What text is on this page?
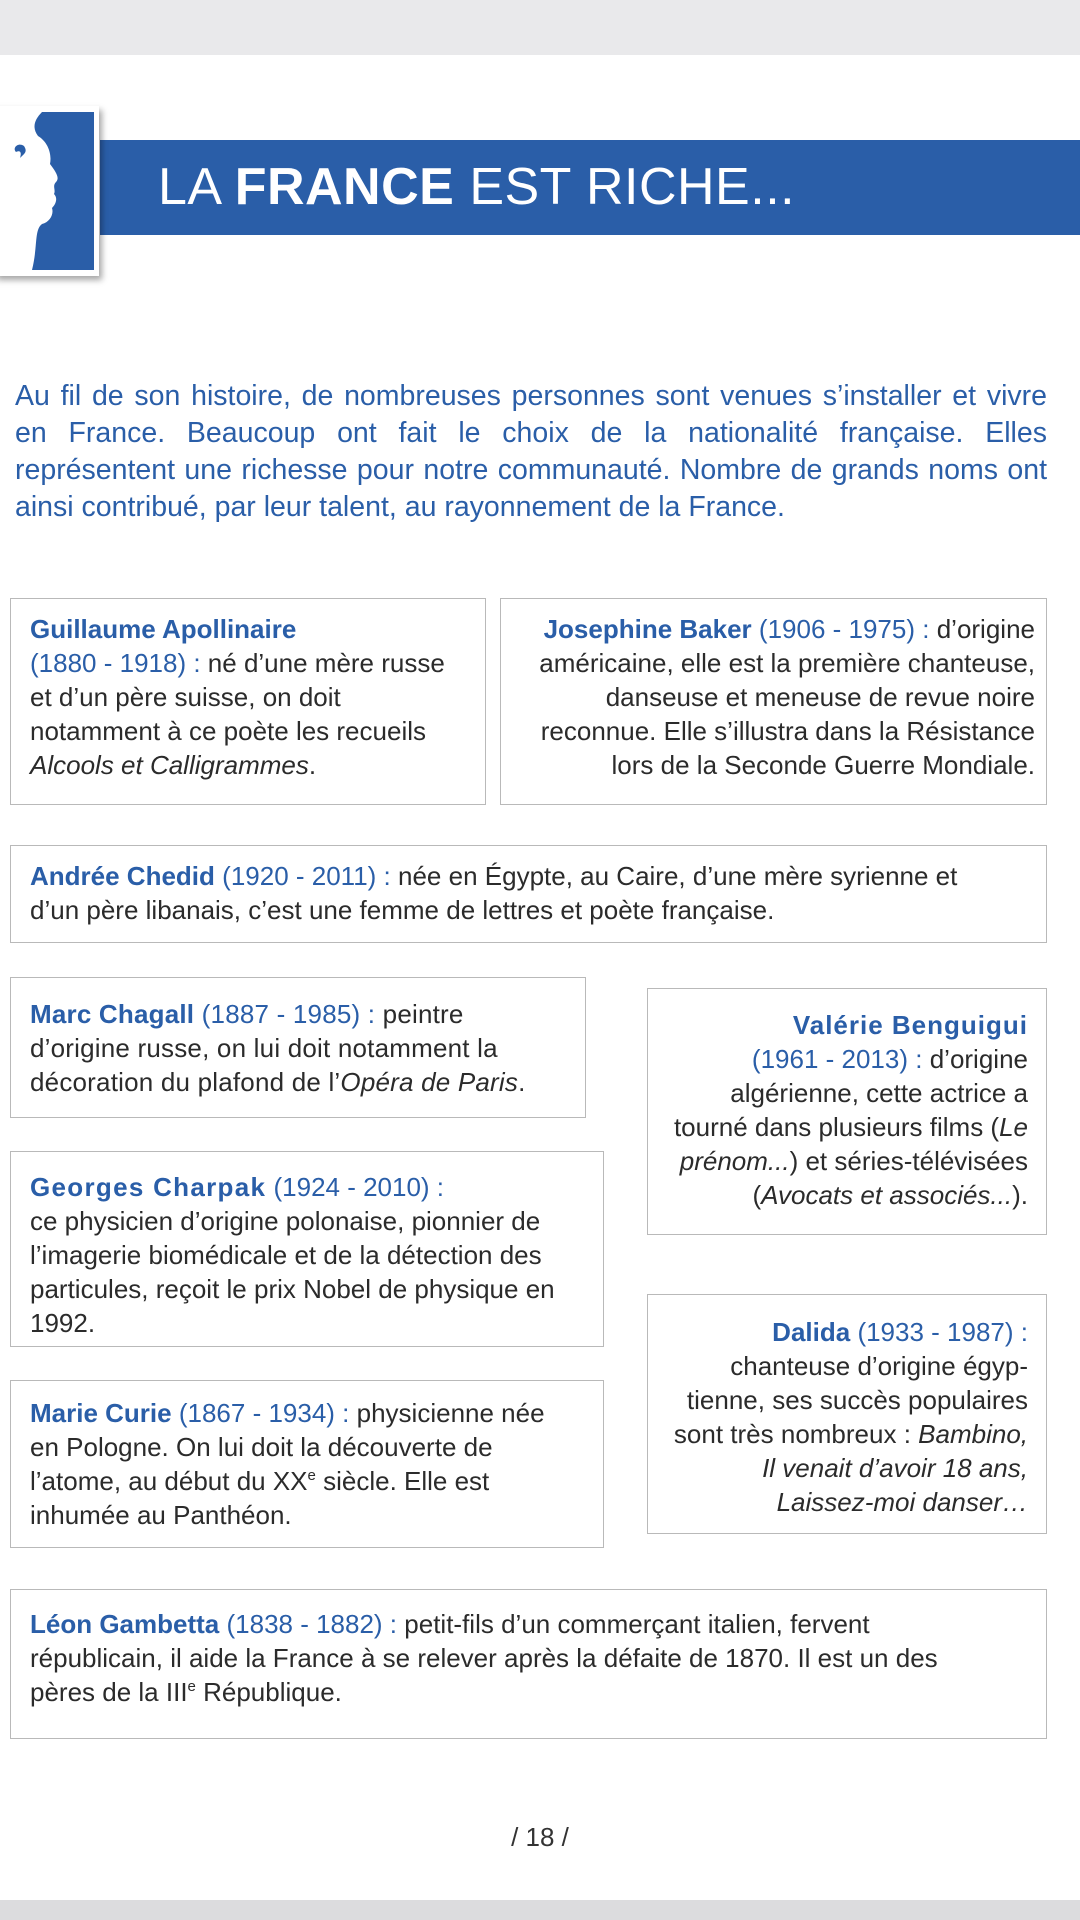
LA FRANCE EST RICHE...
Au fil de son histoire, de nombreuses personnes sont venues s’installer et vivre en France. Beaucoup ont fait le choix de la nationalité française. Elles représentent une richesse pour notre communauté. Nombre de grands noms ont ainsi contribué, par leur talent, au rayonnement de la France.
Guillaume Apollinaire
(1880 - 1918) : né d’une mère russe et d’un père suisse, on doit notamment à ce poète les recueils Alcools et Calligrammes.
Josephine Baker (1906 - 1975) : d’origine américaine, elle est la première chanteuse, danseuse et meneuse de revue noire reconnue. Elle s’illustra dans la Résistance lors de la Seconde Guerre Mondiale.
Andrée Chedid (1920 - 2011) : née en Égypte, au Caire, d’une mère syrienne et d’un père libanais, c’est une femme de lettres et poète française.
Marc Chagall (1887 - 1985) : peintre d’origine russe, on lui doit notamment la décoration du plafond de l’Opéra de Paris.
Valérie Benguigui
(1961 - 2013) : d’origine algérienne, cette actrice a tourné dans plusieurs films (Le prénom...) et séries-télévisées (Avocats et associés...).
Georges Charpak (1924 - 2010) :
ce physicien d’origine polonaise, pionnier de l’imagerie biomédicale et de la détection des particules, reçoit le prix Nobel de physique en 1992.	Dalida (1933 - 1987) : chanteuse d’origine égyp-tienne, ses succès populaires sont très nombreux : Bambino, Il venait d’avoir 18 ans, Laissez-moi danser…
Marie Curie (1867 - 1934) : physicienne née en Pologne. On lui doit la découverte de l’atome, au début du XXe siècle. Elle est inhumée au Panthéon.
Léon Gambetta (1838 - 1882) : petit-fils d’un commerçant italien, fervent républicain, il aide la France à se relever après la défaite de 1870. Il est un des pères de la IIIe République.
/ 18 /
